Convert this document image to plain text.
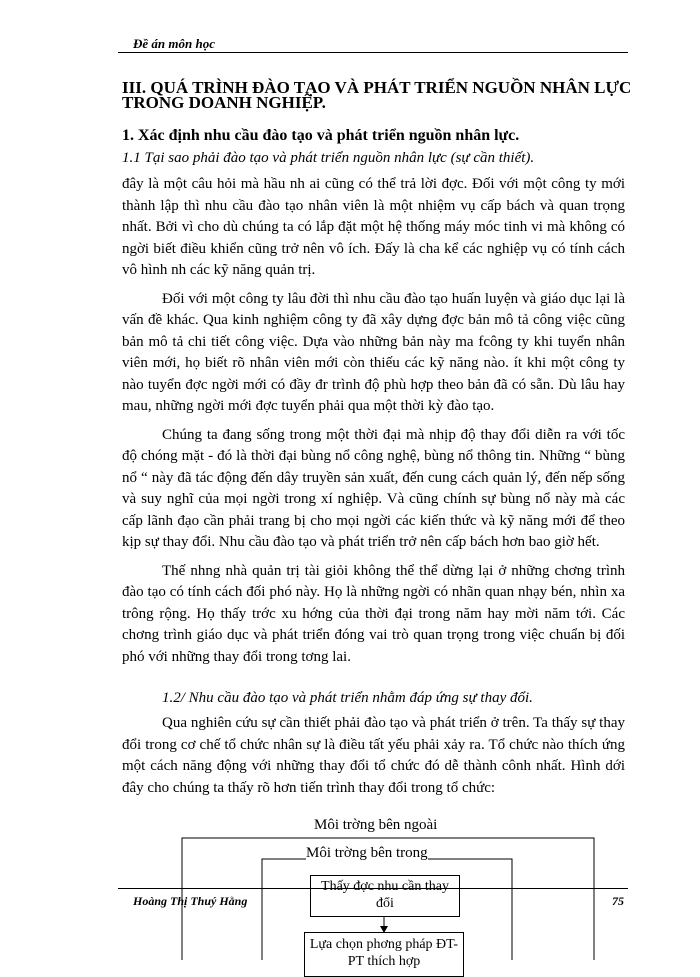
Đề án môn học
III. QUÁ TRÌNH ĐÀO TẠO VÀ PHÁT TRIỂN NGUỒN NHÂN LỰC TRONG DOANH NGHIỆP.
1. Xác định nhu cầu đào tạo và phát triển nguồn nhân lực.
1.1 Tại sao phải đào tạo và phát triển nguồn nhân lực (sự cần thiết).

đây là một câu hỏi mà hầu nh ai cũng có thể trả lời đợc. Đối với một công ty mới thành lập thì nhu cầu đào tạo nhân viên là một nhiệm vụ cấp bách và quan trọng nhất. Bởi vì cho dù chúng ta có lắp đặt một hệ thống máy móc tinh vi mà không có ngời biết điều khiển cũng trở nên vô ích. Đấy là cha kể các nghiệp vụ có tính cách vô hình nh các kỹ năng quản trị.

Đối với một công ty lâu đời thì nhu cầu đào tạo huấn luyện và giáo dục lại là vấn đề khác. Qua kinh nghiệm công ty đã xây dựng đợc bản mô tả công việc cũng bản mô tả chi tiết công việc. Dựa vào những bản này ma fcông ty khi tuyển nhân viên mới, họ biết rõ nhân viên mới còn thiếu các kỹ năng nào. ít khi một công ty nào tuyển đợc ngời mới có đầy đr trình độ phù hợp theo bản đã có sẵn. Dù lâu hay mau, những ngời mới đợc tuyển phải qua một thời kỳ đào tạo.

Chúng ta đang sống trong một thời đại mà nhịp độ thay đổi diễn ra với tốc độ chóng mặt - đó là thời đại bùng nổ công nghệ, bùng nổ thông tin. Những “ bùng nổ “ này đã tác động đến dây truyền sản xuất, đến cung cách quản lý, đến nếp sống và suy nghĩ của mọi ngời trong xí nghiệp. Và cũng chính sự bùng nổ này mà các cấp lãnh đạo cần phải trang bị cho mọi ngời các kiến thức và kỹ năng mới để theo kịp sự thay đổi. Nhu cầu đào tạo và phát triển trở nên cấp bách hơn bao giờ hết.

Thế nhng nhà quản trị tài giỏi không thể thể dừng lại ở những chơng trình đào tạo có tính cách đối phó này. Họ là những ngời có nhãn quan nhạy bén, nhìn xa trông rộng. Họ thấy trớc xu hớng của thời đại trong năm hay mời năm tới. Các chơng trình giáo dục và phát triển đóng vai trò quan trọng trong việc chuẩn bị đối phó với những thay đổi trong tơng lai.

1.2/ Nhu cầu đào tạo và phát triển nhằm đáp ứng sự thay đổi.

Qua nghiên cứu sự cần thiết phải đào tạo và phát triển ở trên. Ta thấy sự thay đổi trong cơ chế tổ chức nhân sự là điều tất yếu phải xảy ra. Tổ chức nào thích ứng một cách năng động với những thay đổi tổ chức đó dễ thành cônh nhất. Hình dới đây cho chúng ta thấy rõ hơn tiến trình thay đổi trong tổ chức:

Môi trờng bên ngoài
Môi trờng bên trong
Thấy đợc nhu cần thay đổi
Lựa chọn phơng pháp ĐT-PT thích hợp
Hoàng Thị Thuý Hằng	75
